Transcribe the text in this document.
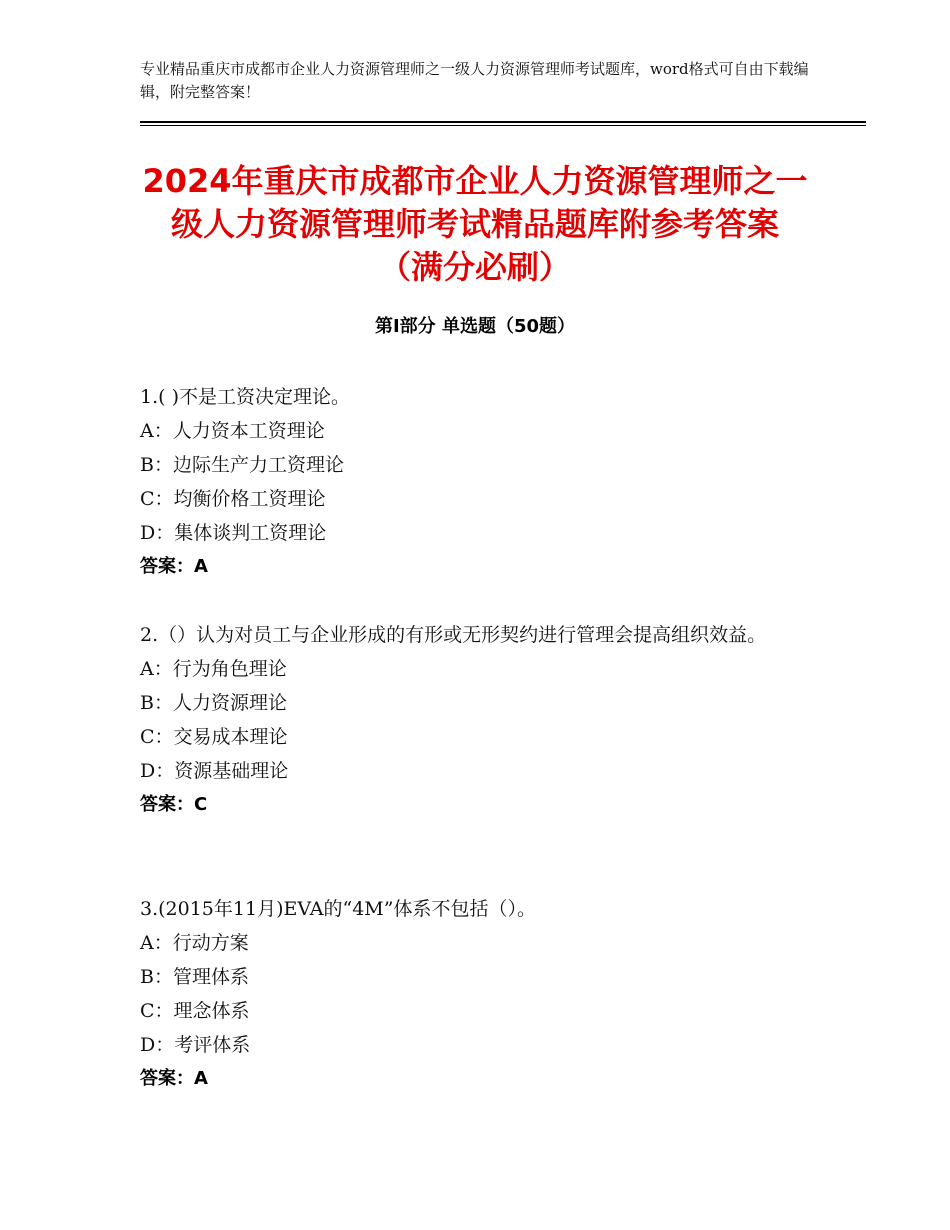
专业精品重庆市成都市企业人力资源管理师之一级人力资源管理师考试题库，word格式可自由下载编辑，附完整答案！
2024年重庆市成都市企业人力资源管理师之一级人力资源管理师考试精品题库附参考答案（满分必刷）
第Ⅰ部分 单选题（50题）
1.( )不是工资决定理论。
A：人力资本工资理论
B：边际生产力工资理论
C：均衡价格工资理论
D：集体谈判工资理论
答案：A
2.（）认为对员工与企业形成的有形或无形契约进行管理会提高组织效益。
A：行为角色理论
B：人力资源理论
C：交易成本理论
D：资源基础理论
答案：C
3.(2015年11月)EVA的“4M”体系不包括（）。
A：行动方案
B：管理体系
C：理念体系
D：考评体系
答案：A
